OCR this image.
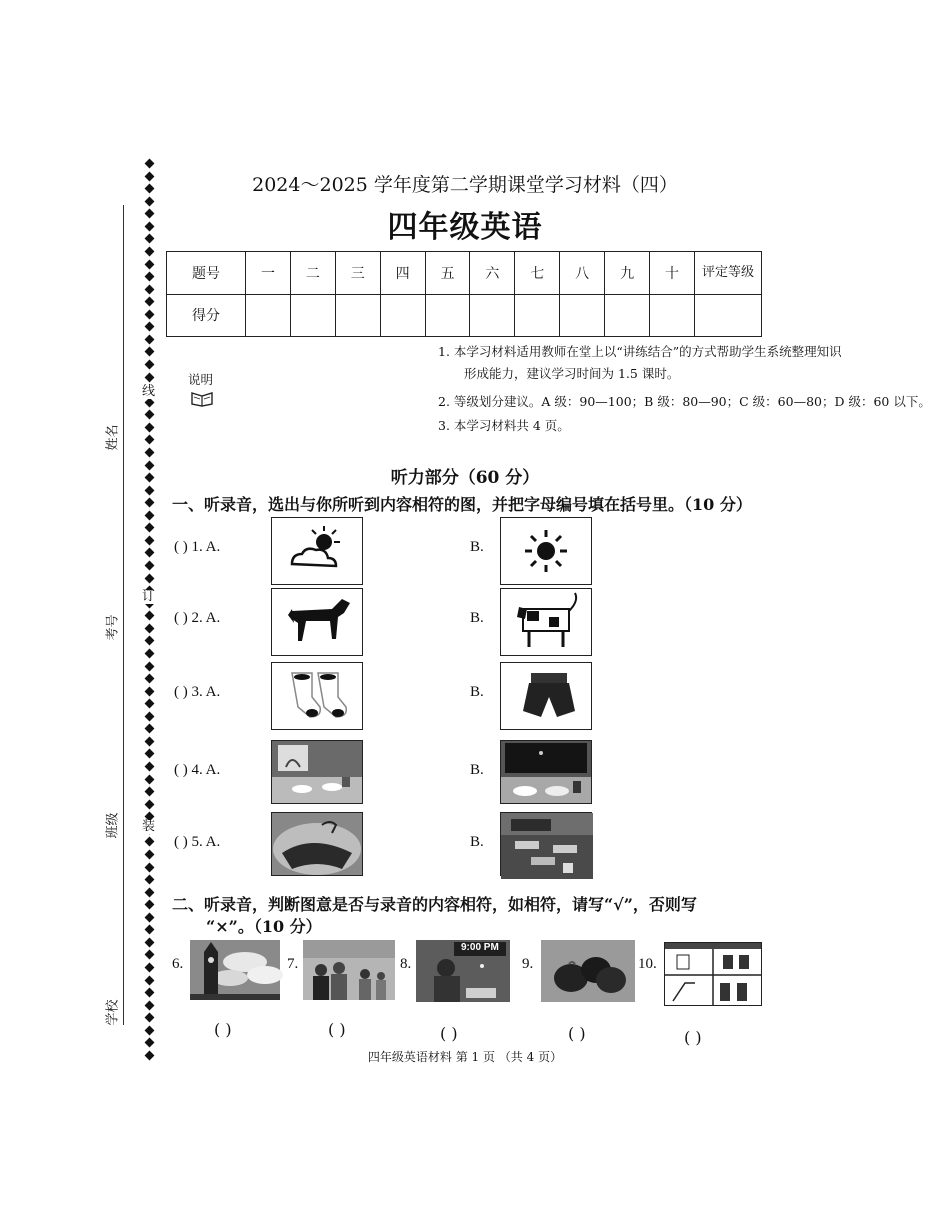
姓名
考号
班级
学校
线
订
装
2024～2025 学年度第二学期课堂学习材料（四）
四年级英语
题号	一	二	三	四	五	六	七	八	九	十	评定等级
得分											
说明
1. 本学习材料适用教师在堂上以“讲练结合”的方式帮助学生系统整理知识
形成能力，建议学习时间为 1.5 课时。
2. 等级划分建议。A 级：90—100；B 级：80—90；C 级：60—80；D 级：60 以下。
3. 本学习材料共 4 页。
听力部分（60 分）
一、听录音，选出与你所听到内容相符的图，并把字母编号填在括号里。（10 分）
( ) 1. A.	B.
( ) 2. A.	B.
( ) 3. A.	B.
( ) 4. A.	B.
( ) 5. A.	B.
二、听录音，判断图意是否与录音的内容相符，如相符，请写“√”，否则写
“×”。（10 分）
6.
( )
7.
( )
8.
9:00 PM
( )
9.
( )
10.
( )
四年级英语材料 第 1 页 （共 4 页）
